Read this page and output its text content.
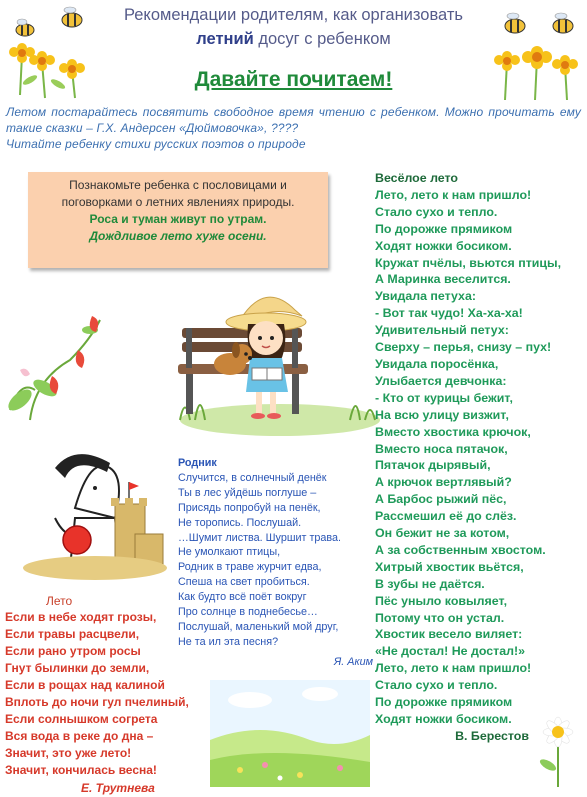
Рекомендации родителям, как организовать
летний досуг с ребенком
Давайте почитаем!

Летом постарайтесь посвятить свободное время чтению с ребенком. Можно прочитать ему такие сказки – Г.Х. Андерсен «Дюймовочка», ????

Читайте ребенку стихи русских поэтов о природе

Познакомьте ребенка с пословицами и поговорками о летних явлениях природы.
Роса и туман живут по утрам.
Дождливое лето хуже осени.
Весёлое лето
Лето, лето к нам пришло!
Стало сухо и тепло.
По дорожке прямиком
Ходят ножки босиком.
Кружат пчёлы, вьются птицы,
А Маринка веселится.
Увидала петуха:
- Вот так чудо! Ха-ха-ха!
Удивительный петух:
Сверху – перья, снизу – пух!
Увидала поросёнка,
Улыбается девчонка:
- Кто от курицы бежит,
На всю улицу визжит,
Вместо хвостика крючок,
Вместо носа пятачок,
Пятачок дырявый,
А крючок вертлявый?
А Барбос рыжий пёс,
Рассмешил её до слёз.
Он бежит не за котом,
А за собственным хвостом.
Хитрый хвостик вьётся,
В зубы не даётся.
Пёс уныло ковыляет,
Потому что он устал.
Хвостик весело виляет:
«Не достал! Не достал!»
Лето, лето к нам пришло!
Стало сухо и тепло.
По дорожке прямиком
Ходят ножки босиком.
В. Берестов
Родник
Случится, в солнечный денёк
Ты в лес уйдёшь поглуше –
Присядь попробуй на пенёк,
Не торопись. Послушай.
…Шумит листва. Шуршит трава.
Не умолкают птицы,
Родник в траве журчит едва,
Спеша на свет пробиться.
Как будто всё поёт вокруг
Про солнце в поднебесье…
Послушай, маленький мой друг,
Не та ил эта песня?
Я. Аким
Лето
Если в небе ходят грозы,
Если травы расцвели,
Если рано утром росы
Гнут былинки до земли,
Если в рощах над калиной
Вплоть до ночи гул пчелиный,
Если солнышком согрета
Вся вода в реке до дна –
Значит, это уже лето!
Значит, кончилась весна!
Е. Трутнева
